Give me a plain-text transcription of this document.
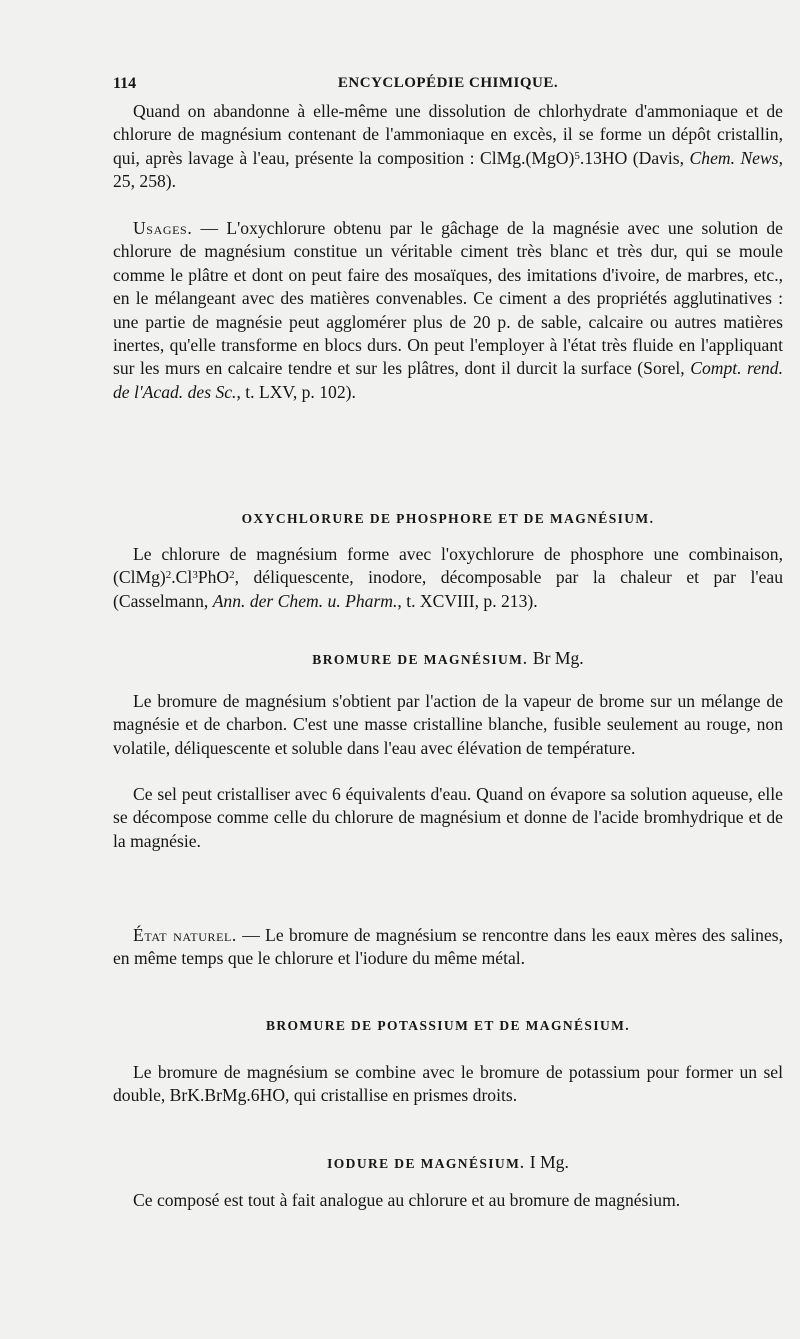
114	ENCYCLOPÉDIE CHIMIQUE.

Quand on abandonne à elle-même une dissolution de chlorhydrate d'ammoniaque et de chlorure de magnésium contenant de l'ammoniaque en excès, il se forme un dépôt cristallin, qui, après lavage à l'eau, présente la composition : ClMg.(MgO)$^5$.13HO (Davis, Chem. News, 25, 258).

Usages. — L'oxychlorure obtenu par le gâchage de la magnésie avec une solution de chlorure de magnésium constitue un véritable ciment très blanc et très dur, qui se moule comme le plâtre et dont on peut faire des mosaïques, des imitations d'ivoire, de marbres, etc., en le mélangeant avec des matières convenables. Ce ciment a des propriétés agglutinatives : une partie de magnésie peut agglomérer plus de 20 p. de sable, calcaire ou autres matières inertes, qu'elle transforme en blocs durs. On peut l'employer à l'état très fluide en l'appliquant sur les murs en calcaire tendre et sur les plâtres, dont il durcit la surface (Sorel, Compt. rend. de l'Acad. des Sc., t. LXV, p. 102).

OXYCHLORURE DE PHOSPHORE ET DE MAGNÉSIUM.

Le chlorure de magnésium forme avec l'oxychlorure de phosphore une combinaison, (ClMg)$^2$.Cl$^3$PhO$^2$, déliquescente, inodore, décomposable par la chaleur et par l'eau (Casselmann, Ann. der Chem. u. Pharm., t. XCVIII, p. 213).

BROMURE DE MAGNÉSIUM. Br Mg.

Le bromure de magnésium s'obtient par l'action de la vapeur de brome sur un mélange de magnésie et de charbon. C'est une masse cristalline blanche, fusible seulement au rouge, non volatile, déliquescente et soluble dans l'eau avec élévation de température.

Ce sel peut cristalliser avec 6 équivalents d'eau. Quand on évapore sa solution aqueuse, elle se décompose comme celle du chlorure de magnésium et donne de l'acide bromhydrique et de la magnésie.

État naturel. — Le bromure de magnésium se rencontre dans les eaux mères des salines, en même temps que le chlorure et l'iodure du même métal.

BROMURE DE POTASSIUM ET DE MAGNÉSIUM.

Le bromure de magnésium se combine avec le bromure de potassium pour former un sel double, BrK.BrMg.6HO, qui cristallise en prismes droits.

IODURE DE MAGNÉSIUM. I Mg.

Ce composé est tout à fait analogue au chlorure et au bromure de magnésium.
